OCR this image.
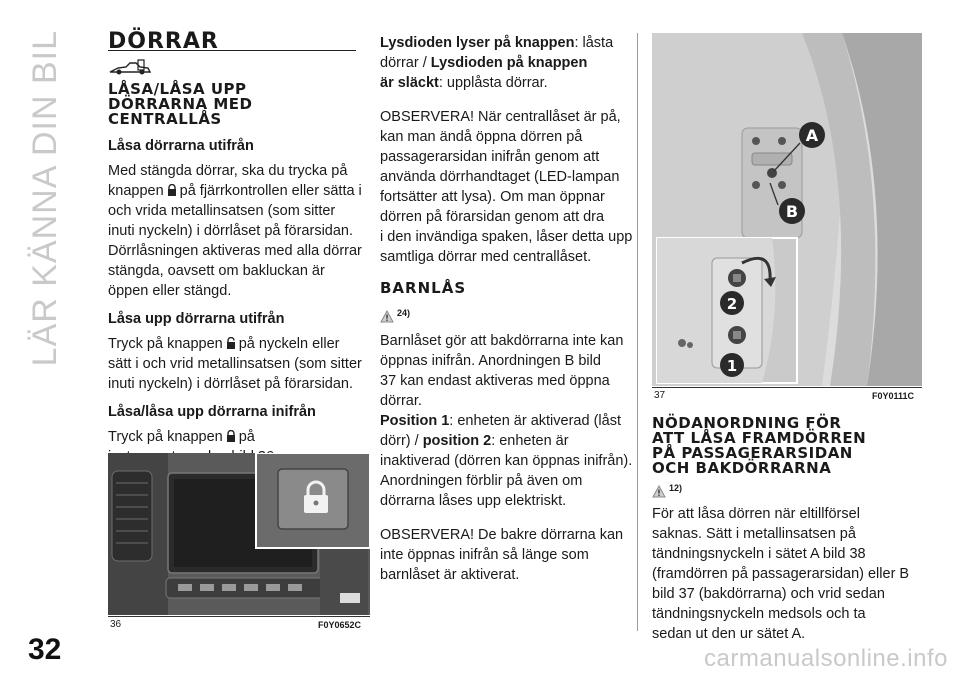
LÄR KÄNNA DIN BIL
32	carmanualsonline.info
DÖRRAR
LÅSA/LÅSA UPP
DÖRRARNA MED
CENTRALLÅS
Låsa dörrarna utifrån
Med stängda dörrar, ska du trycka på
knappen på fjärrkontrollen eller sätta i
och vrida metallinsatsen (som sitter
inuti nyckeln) i dörrlåset på förarsidan.
Dörrlåsningen aktiveras med alla dörrar
stängda, oavsett om bakluckan är
öppen eller stängd.
Låsa upp dörrarna utifrån
Tryck på knappen på nyckeln eller
sätt i och vrid metallinsatsen (som sitter
inuti nyckeln) i dörrlåset på förarsidan.
Låsa/låsa upp dörrarna inifrån
Tryck på knappen på
36	F0Y0652C
Lysdioden lyser på knappen: låsta
dörrar / Lysdioden på knappen
är släckt: upplåsta dörrar.
OBSERVERA! När centrallåset är på,
kan man ändå öppna dörren på
passagerarsidan inifrån genom att
använda dörrhandtaget (LED-lampan
fortsätter att lysa). Om man öppnar
dörren på förarsidan genom att dra
i den invändiga spaken, låser detta upp
samtliga dörrar med centrallåset.
BARNLÅS
24)
Barnlåset gör att bakdörrarna inte kan
öppnas inifrån. Anordningen B bild
37 kan endast aktiveras med öppna
dörrar.
Position 1: enheten är aktiverad (låst
dörr) / position 2: enheten är
inaktiverad (dörren kan öppnas inifrån).
Anordningen förblir på även om
dörrarna låses upp elektriskt.
OBSERVERA! De bakre dörrarna kan
inte öppnas inifrån så länge som
barnlåset är aktiverat.
A
B
2
1
37	F0Y0111C
NÖDANORDNING FÖR
ATT LÅSA FRAMDÖRREN
PÅ PASSAGERARSIDAN
OCH BAKDÖRRARNA
12)
För att låsa dörren när eltillförsel
saknas. Sätt i metallinsatsen på
tändningsnyckeln i sätet A bild 38
(framdörren på passagerarsidan) eller B
bild 37 (bakdörrarna) och vrid sedan
tändningsnyckeln medsols och ta
sedan ut den ur sätet A.
